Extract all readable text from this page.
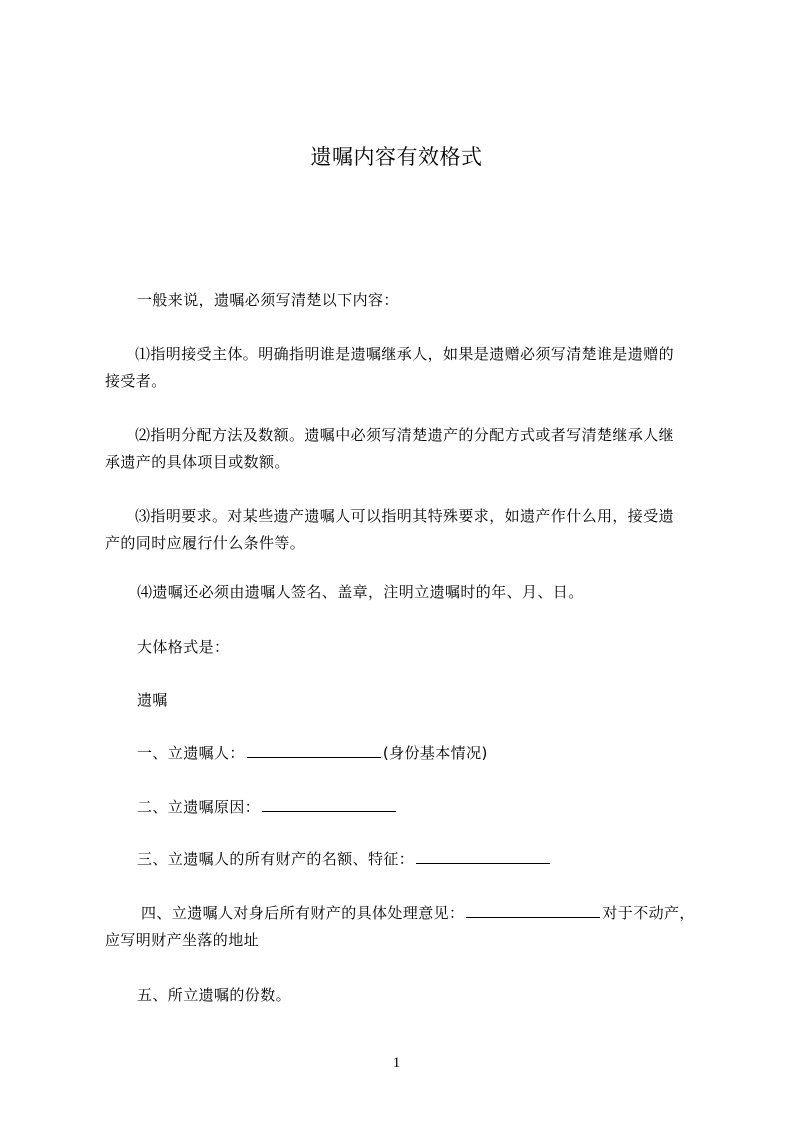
遗嘱内容有效格式
一般来说，遗嘱必须写清楚以下内容：
⑴指明接受主体。明确指明谁是遗嘱继承人，如果是遗赠必须写清楚谁是遗赠的
接受者。
⑵指明分配方法及数额。遗嘱中必须写清楚遗产的分配方式或者写清楚继承人继
承遗产的具体项目或数额。
⑶指明要求。对某些遗产遗嘱人可以指明其特殊要求，如遗产作什么用，接受遗
产的同时应履行什么条件等。
⑷遗嘱还必须由遗嘱人签名、盖章，注明立遗嘱时的年、月、日。
大体格式是：
遗嘱
一、立遗嘱人：	(身份基本情况)
二、立遗嘱原因：
三、立遗嘱人的所有财产的名额、特征：
四、立遗嘱人对身后所有财产的具体处理意见：	对于不动产，
应写明财产坐落的地址
五、所立遗嘱的份数。
1
